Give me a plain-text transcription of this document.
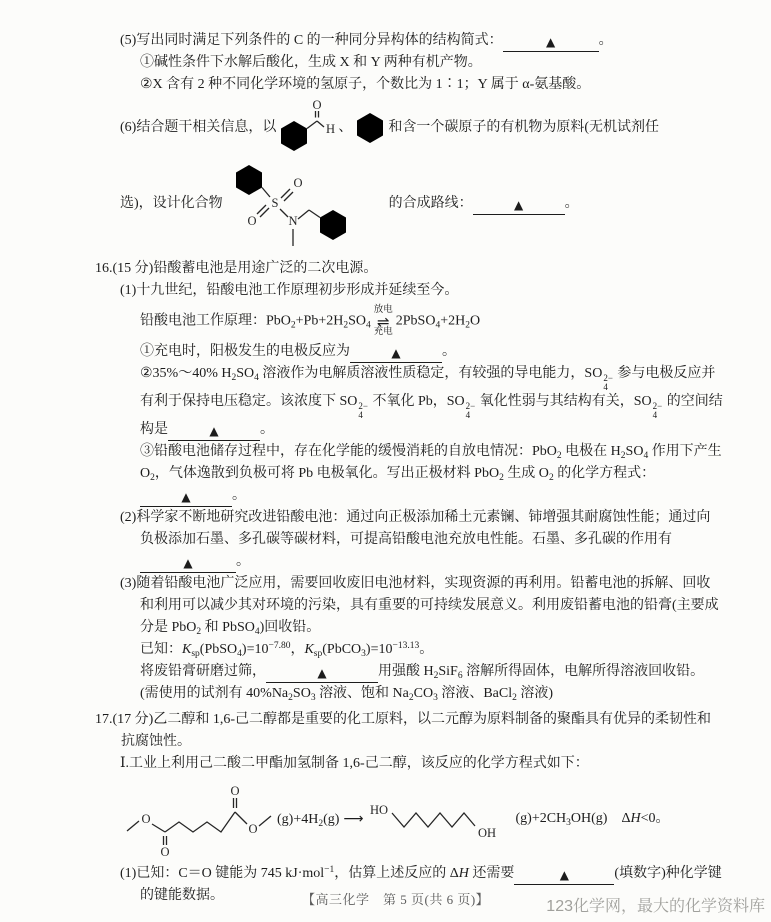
(5)写出同时满足下列条件的 C 的一种同分异构体的结构简式：	▲	。

①碱性条件下水解后酸化，生成 X 和 Y 两种有机产物。

②X 含有 2 种不同化学环境的氢原子，个数比为 1∶1；Y 属于 α-氨基酸。

(6)结合题干相关信息，以
O
H 、	和含一个碳原子的有机物为原料(无机试剂任
选)，设计化合物	S
O
O	N
的合成路线：	▲	。

16.(15 分)铅酸蓄电池是用途广泛的二次电源。

(1)十九世纪，铅酸电池工作原理初步形成并延续至今。

铅酸电池工作原理：$PbO_2+Pb+2H_2SO_4$
放电
⇌
充电
$2PbSO_4+2H_2O$

①充电时，阳极发生的电极反应为	▲	。

②35%～40% $H_2SO_4$ 溶液作为电解质溶液性质稳定，有较强的导电能力，SO 2−
4
参与电极反应并有利于保持电压稳定。该浓度下 SO 2−
4
不氧化 Pb，SO 2−
4
氧化性弱与其结构有关，SO 2−
4
的空间结构是	▲	。

③铅酸电池储存过程中，存在化学能的缓慢消耗的自放电情况：PbO$_2$ 电极在 $H_2SO_4$ 作用下产生 $O_2$，气体逸散到负极可将 Pb 电极氧化。写出正极材料 PbO$_2$ 生成 $O_2$ 的化学方程式：▲	。

(2)科学家不断地研究改进铅酸电池：通过向正极添加稀土元素镧、铈增强其耐腐蚀性能；通过向负极添加石墨、多孔碳等碳材料，可提高铅酸电池充放电性能。石墨、多孔碳的作用有▲	。

(3)随着铅酸电池广泛应用，需要回收废旧电池材料，实现资源的再利用。铅蓄电池的拆解、回收和利用可以减少其对环境的污染，具有重要的可持续发展意义。利用废铅蓄电池的铅膏(主要成分是 PbO$_2$ 和 PbSO$_4$)回收铅。

已知：$K_{sp}(PbSO_4)=10^{-7.80}$，$K_{sp}(PbCO_3)=10^{-13.13}$。

将废铅膏研磨过筛，	▲	用强酸 $H_2SiF_6$ 溶解所得固体，电解所得溶液回收铅。

(需使用的试剂有 $40\%Na_2SO_3$ 溶液、饱和 $Na_2CO_3$ 溶液、BaCl$_2$ 溶液)

17.(17 分)乙二醇和 1,6-己二醇都是重要的化工原料，以二元醇为原料制备的聚酯具有优异的柔韧性和抗腐蚀性。

Ⅰ.工业上利用己二酸二甲酯加氢制备 1,6-己二醇，该反应的化学方程式如下：

O
O
O
O
$(g)+4H_2(g)$ ⟶
HO
OH
$(g)+2CH_3OH(g)$　ΔH<0。

(1)已知：C＝O 键能为 745 kJ·mol$^{-1}$，估算上述反应的 ΔH 还需要	▲	(填数字)种化学键的键能数据。	【高三化学　第 5 页(共 6 页)】	123化学网，最大的化学资料库
